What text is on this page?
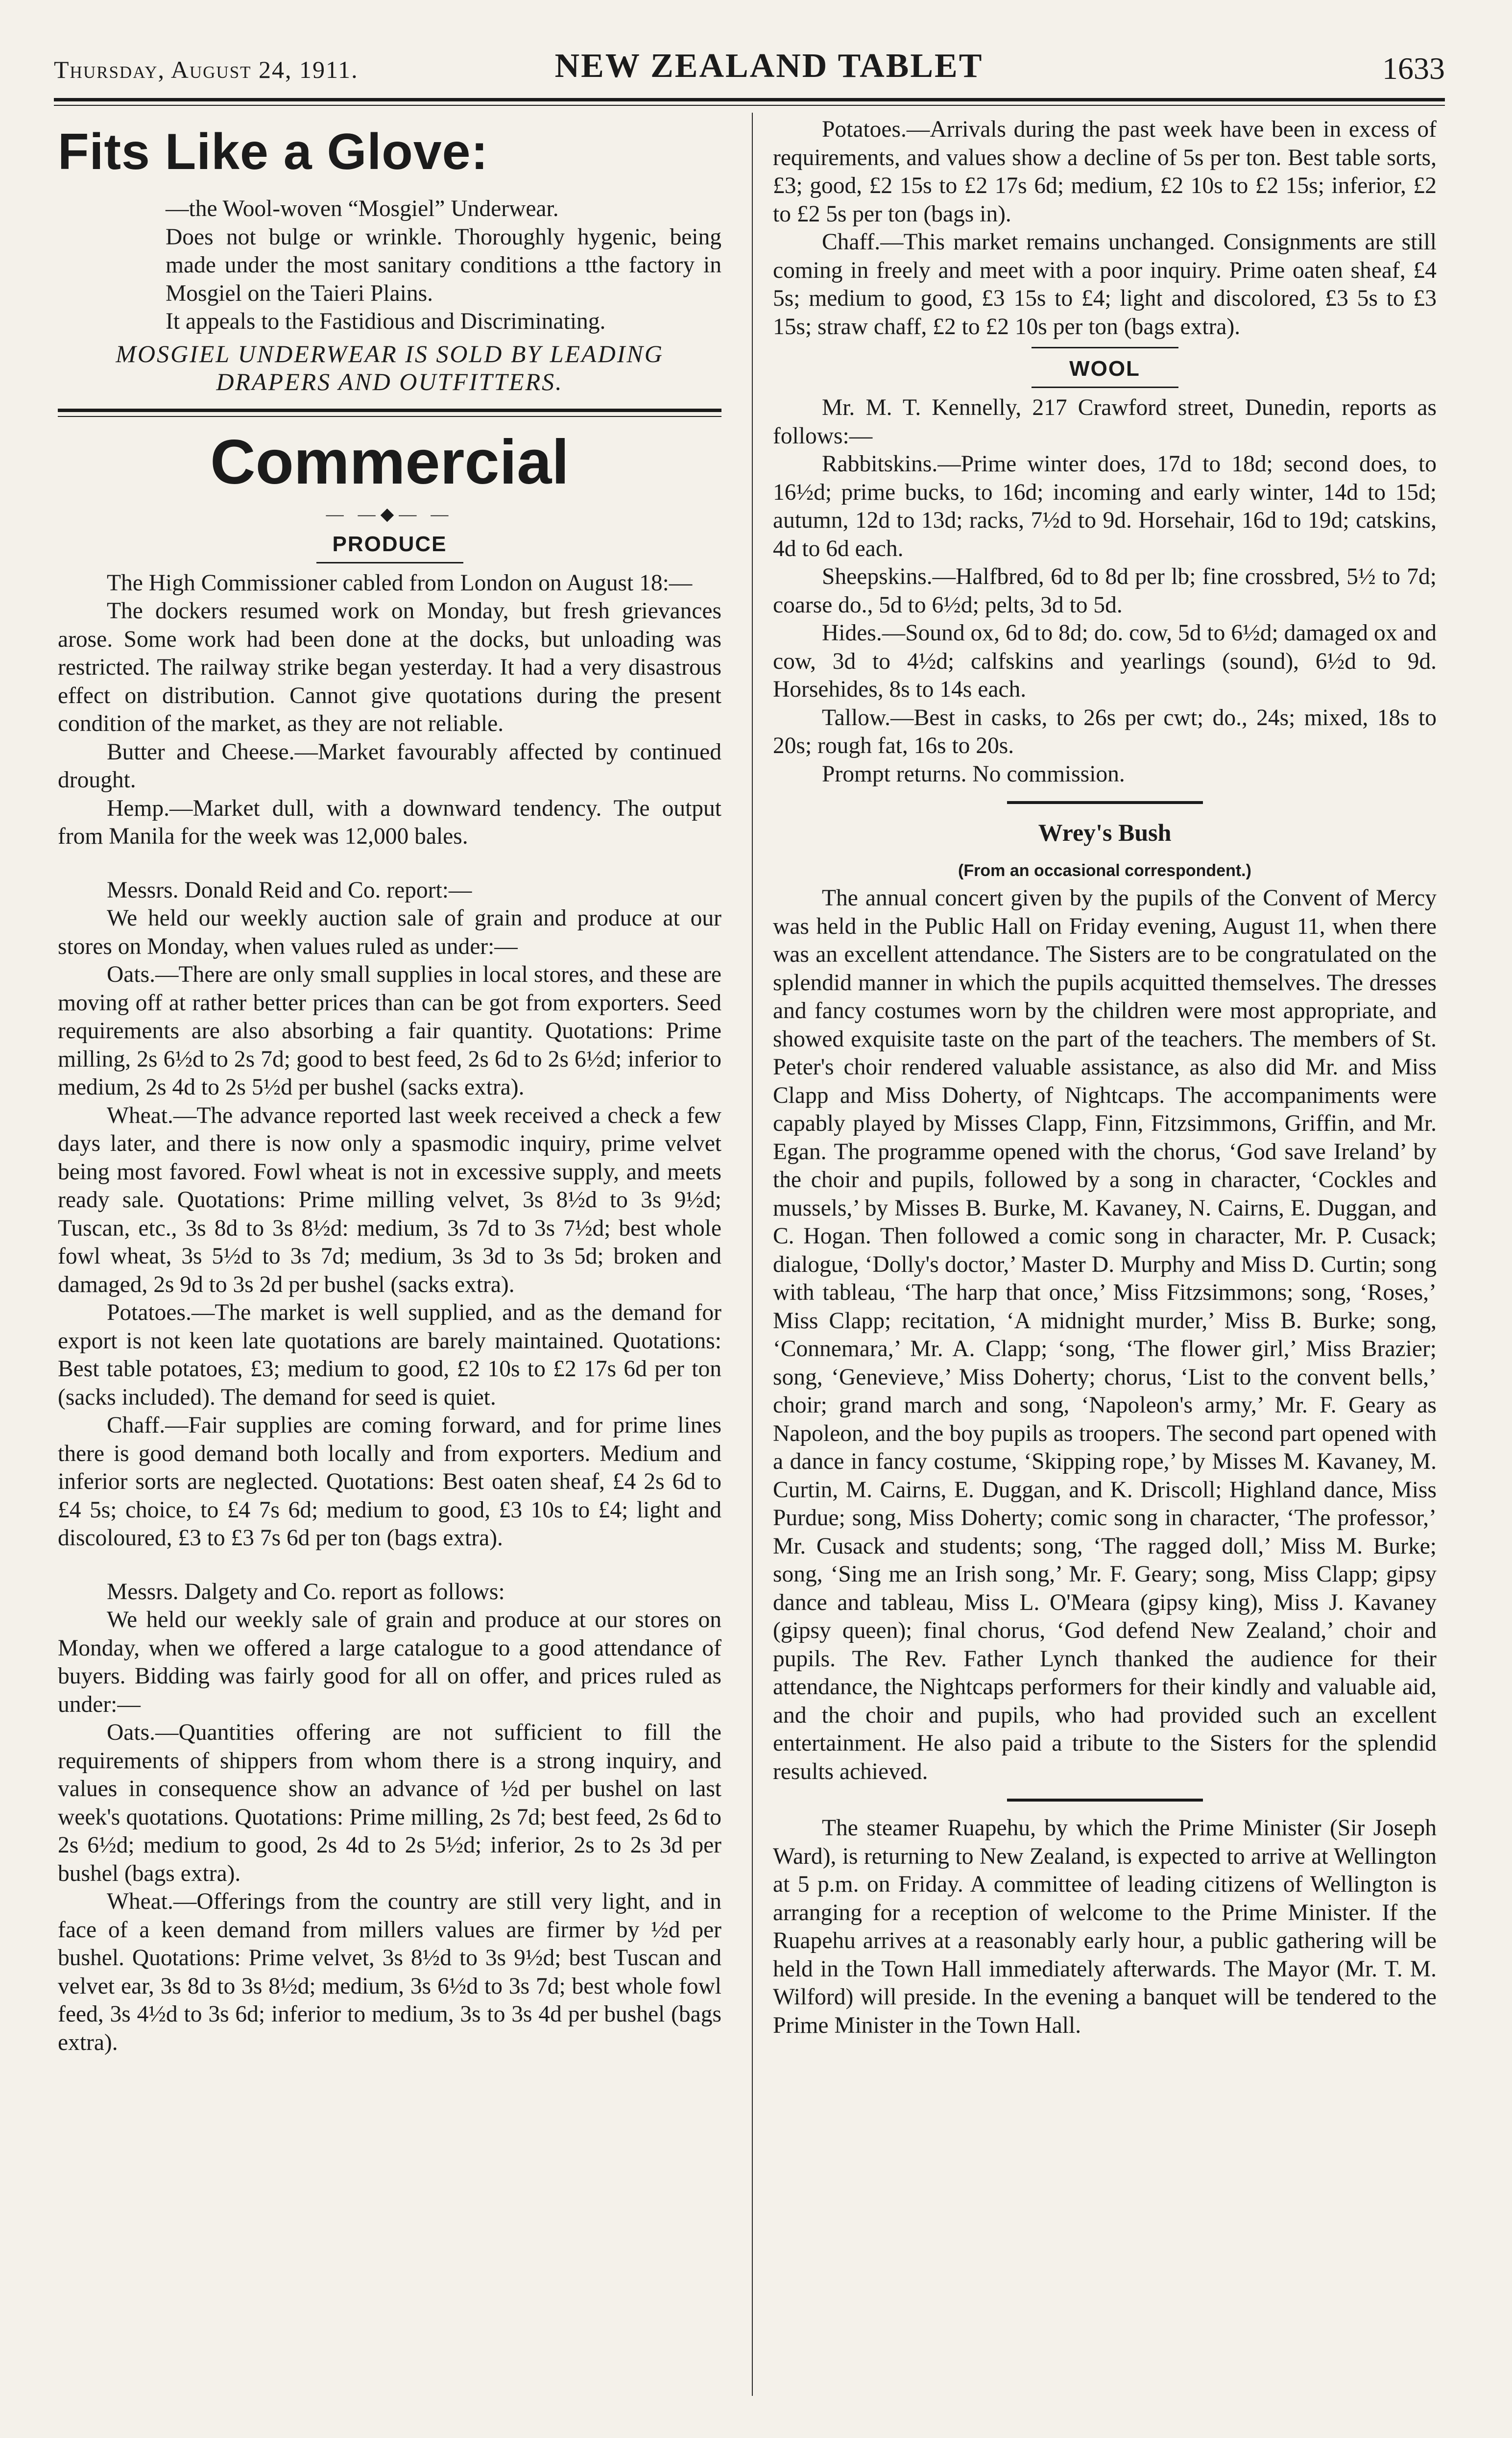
Thursday, August 24, 1911.	NEW ZEALAND TABLET	1633
Fits Like a Glove:

—the Wool-woven “Mosgiel” Underwear.

Does not bulge or wrinkle. Thoroughly hygenic, being made under the most sanitary conditions a tthe factory in Mosgiel on the Taieri Plains.

It appeals to the Fastidious and Discriminating.

MOSGIEL UNDERWEAR IS SOLD BY LEADING DRAPERS AND OUTFITTERS.
Commercial
— —◆— —
PRODUCE

The High Commissioner cabled from London on August 18:—

The dockers resumed work on Monday, but fresh grievances arose. Some work had been done at the docks, but unloading was restricted. The railway strike began yesterday. It had a very disastrous effect on distribution. Cannot give quotations during the present condition of the market, as they are not reliable.

Butter and Cheese.—Market favourably affected by continued drought.

Hemp.—Market dull, with a downward tendency. The output from Manila for the week was 12,000 bales.

Messrs. Donald Reid and Co. report:—

We held our weekly auction sale of grain and produce at our stores on Monday, when values ruled as under:—

Oats.—There are only small supplies in local stores, and these are moving off at rather better prices than can be got from exporters. Seed requirements are also absorbing a fair quantity. Quotations: Prime milling, 2s 6½d to 2s 7d; good to best feed, 2s 6d to 2s 6½d; inferior to medium, 2s 4d to 2s 5½d per bushel (sacks extra).

Wheat.—The advance reported last week received a check a few days later, and there is now only a spasmodic inquiry, prime velvet being most favored. Fowl wheat is not in excessive supply, and meets ready sale. Quotations: Prime milling velvet, 3s 8½d to 3s 9½d; Tuscan, etc., 3s 8d to 3s 8½d: medium, 3s 7d to 3s 7½d; best whole fowl wheat, 3s 5½d to 3s 7d; medium, 3s 3d to 3s 5d; broken and damaged, 2s 9d to 3s 2d per bushel (sacks extra).

Potatoes.—The market is well supplied, and as the demand for export is not keen late quotations are barely maintained. Quotations: Best table potatoes, £3; medium to good, £2 10s to £2 17s 6d per ton (sacks included). The demand for seed is quiet.

Chaff.—Fair supplies are coming forward, and for prime lines there is good demand both locally and from exporters. Medium and inferior sorts are neglected. Quotations: Best oaten sheaf, £4 2s 6d to £4 5s; choice, to £4 7s 6d; medium to good, £3 10s to £4; light and discoloured, £3 to £3 7s 6d per ton (bags extra).

Messrs. Dalgety and Co. report as follows:

We held our weekly sale of grain and produce at our stores on Monday, when we offered a large catalogue to a good attendance of buyers. Bidding was fairly good for all on offer, and prices ruled as under:—

Oats.—Quantities offering are not sufficient to fill the requirements of shippers from whom there is a strong inquiry, and values in consequence show an advance of ½d per bushel on last week's quotations. Quotations: Prime milling, 2s 7d; best feed, 2s 6d to 2s 6½d; medium to good, 2s 4d to 2s 5½d; inferior, 2s to 2s 3d per bushel (bags extra).

Wheat.—Offerings from the country are still very light, and in face of a keen demand from millers values are firmer by ½d per bushel. Quotations: Prime velvet, 3s 8½d to 3s 9½d; best Tuscan and velvet ear, 3s 8d to 3s 8½d; medium, 3s 6½d to 3s 7d; best whole fowl feed, 3s 4½d to 3s 6d; inferior to medium, 3s to 3s 4d per bushel (bags extra).

Potatoes.—Arrivals during the past week have been in excess of requirements, and values show a decline of 5s per ton. Best table sorts, £3; good, £2 15s to £2 17s 6d; medium, £2 10s to £2 15s; inferior, £2 to £2 5s per ton (bags in).

Chaff.—This market remains unchanged. Consignments are still coming in freely and meet with a poor inquiry. Prime oaten sheaf, £4 5s; medium to good, £3 15s to £4; light and discolored, £3 5s to £3 15s; straw chaff, £2 to £2 10s per ton (bags extra).

WOOL

Mr. M. T. Kennelly, 217 Crawford street, Dunedin, reports as follows:—

Rabbitskins.—Prime winter does, 17d to 18d; second does, to 16½d; prime bucks, to 16d; incoming and early winter, 14d to 15d; autumn, 12d to 13d; racks, 7½d to 9d. Horsehair, 16d to 19d; catskins, 4d to 6d each.

Sheepskins.—Halfbred, 6d to 8d per lb; fine crossbred, 5½ to 7d; coarse do., 5d to 6½d; pelts, 3d to 5d.

Hides.—Sound ox, 6d to 8d; do. cow, 5d to 6½d; damaged ox and cow, 3d to 4½d; calfskins and yearlings (sound), 6½d to 9d. Horsehides, 8s to 14s each.

Tallow.—Best in casks, to 26s per cwt; do., 24s; mixed, 18s to 20s; rough fat, 16s to 20s.

Prompt returns. No commission.

Wrey's Bush
(From an occasional correspondent.)

The annual concert given by the pupils of the Convent of Mercy was held in the Public Hall on Friday evening, August 11, when there was an excellent attendance. The Sisters are to be congratulated on the splendid manner in which the pupils acquitted themselves. The dresses and fancy costumes worn by the children were most appropriate, and showed exquisite taste on the part of the teachers. The members of St. Peter's choir rendered valuable assistance, as also did Mr. and Miss Clapp and Miss Doherty, of Nightcaps. The accompaniments were capably played by Misses Clapp, Finn, Fitzsimmons, Griffin, and Mr. Egan. The programme opened with the chorus, ‘God save Ireland’ by the choir and pupils, followed by a song in character, ‘Cockles and mussels,’ by Misses B. Burke, M. Kavaney, N. Cairns, E. Duggan, and C. Hogan. Then followed a comic song in character, Mr. P. Cusack; dialogue, ‘Dolly's doctor,’ Master D. Murphy and Miss D. Curtin; song with tableau, ‘The harp that once,’ Miss Fitzsimmons; song, ‘Roses,’ Miss Clapp; recitation, ‘A midnight murder,’ Miss B. Burke; song, ‘Connemara,’ Mr. A. Clapp; ‘song, ‘The flower girl,’ Miss Brazier; song, ‘Genevieve,’ Miss Doherty; chorus, ‘List to the convent bells,’ choir; grand march and song, ‘Napoleon's army,’ Mr. F. Geary as Napoleon, and the boy pupils as troopers. The second part opened with a dance in fancy costume, ‘Skipping rope,’ by Misses M. Kavaney, M. Curtin, M. Cairns, E. Duggan, and K. Driscoll; Highland dance, Miss Purdue; song, Miss Doherty; comic song in character, ‘The professor,’ Mr. Cusack and students; song, ‘The ragged doll,’ Miss M. Burke; song, ‘Sing me an Irish song,’ Mr. F. Geary; song, Miss Clapp; gipsy dance and tableau, Miss L. O'Meara (gipsy king), Miss J. Kavaney (gipsy queen); final chorus, ‘God defend New Zealand,’ choir and pupils. The Rev. Father Lynch thanked the audience for their attendance, the Nightcaps performers for their kindly and valuable aid, and the choir and pupils, who had provided such an excellent entertainment. He also paid a tribute to the Sisters for the splendid results achieved.

The steamer Ruapehu, by which the Prime Minister (Sir Joseph Ward), is returning to New Zealand, is expected to arrive at Wellington at 5 p.m. on Friday. A committee of leading citizens of Wellington is arranging for a reception of welcome to the Prime Minister. If the Ruapehu arrives at a reasonably early hour, a public gathering will be held in the Town Hall immediately afterwards. The Mayor (Mr. T. M. Wilford) will preside. In the evening a banquet will be tendered to the Prime Minister in the Town Hall.
